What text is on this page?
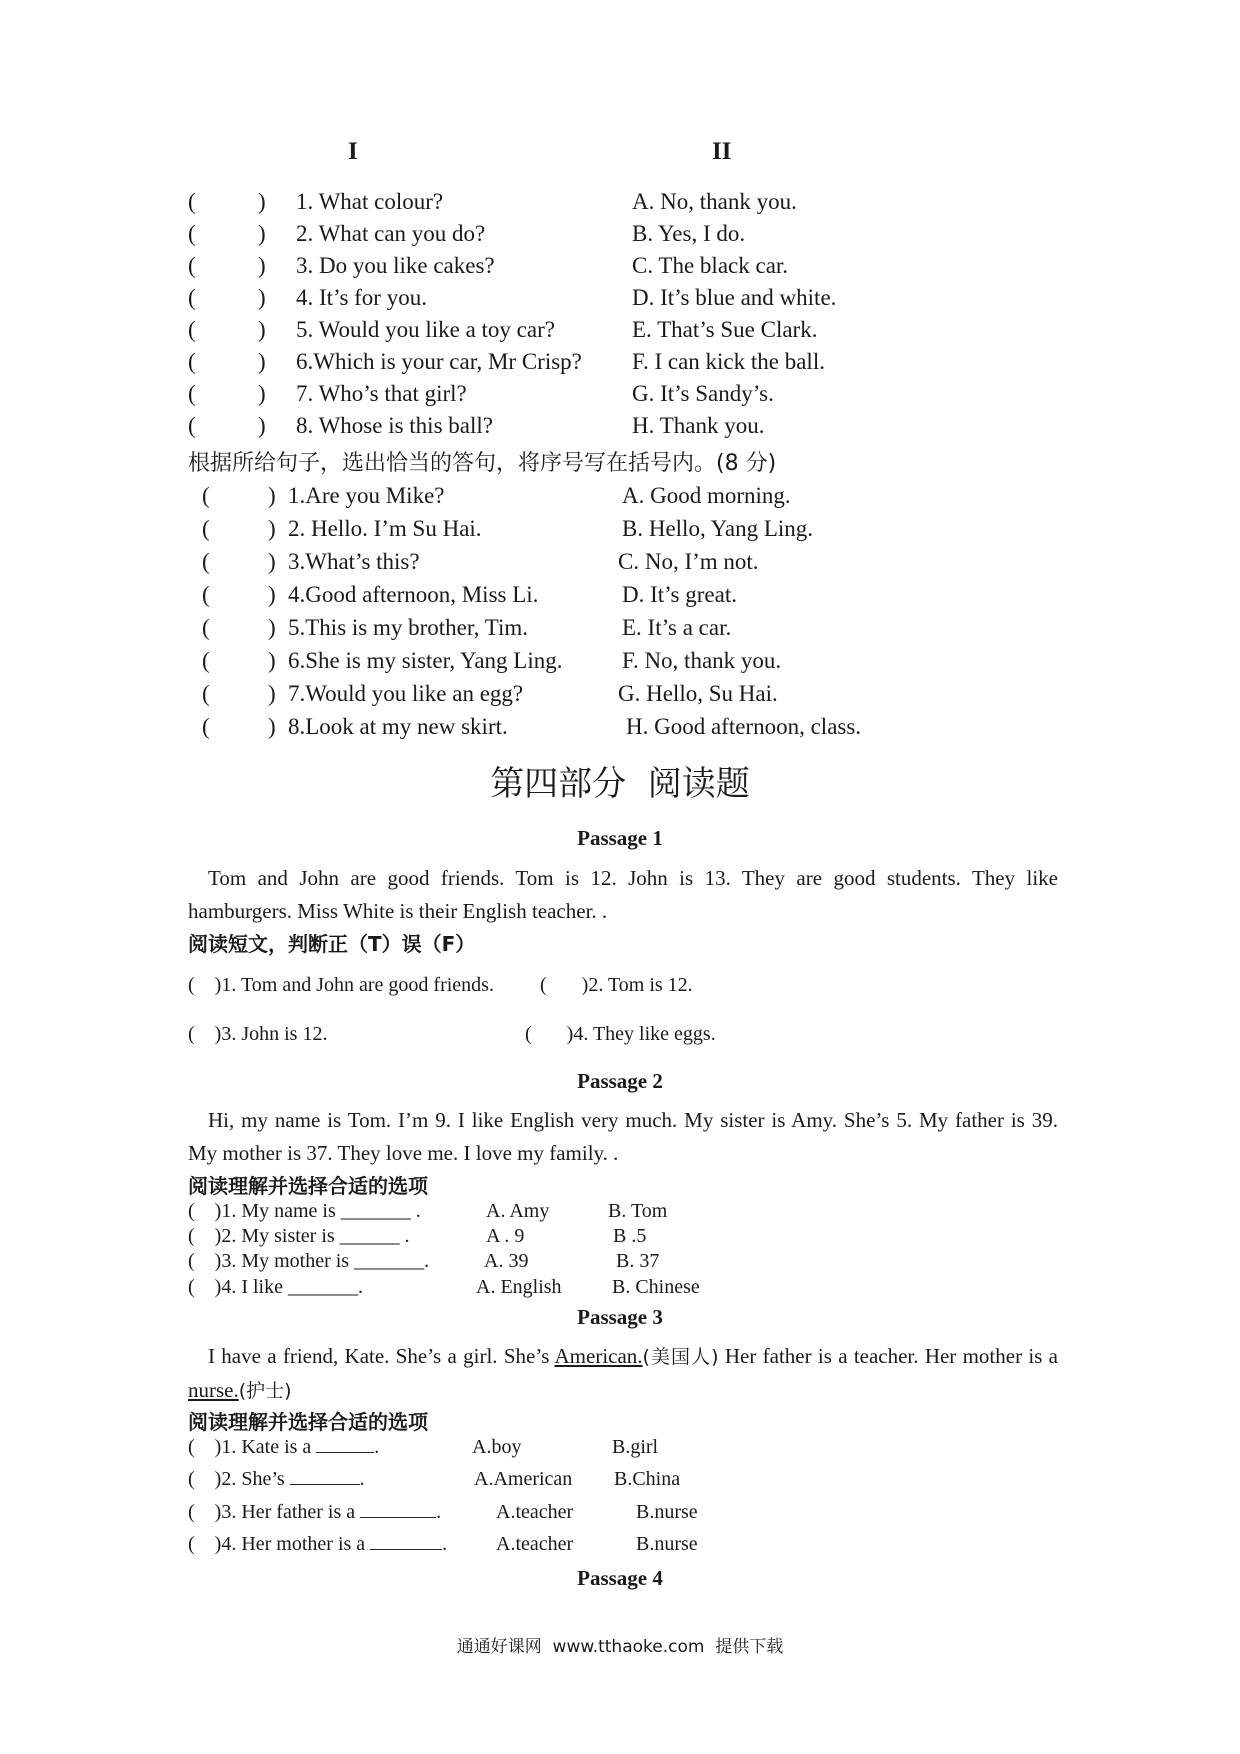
I	II
(	) 1. What colour?	A. No, thank you.
(	) 2. What can you do?	B. Yes, I do.
(	) 3. Do you like cakes?	C. The black car.
(	) 4. It’s for you.	D. It’s blue and white.
(	) 5. Would you like a toy car?	E. That’s Sue Clark.
(	) 6.Which is your car, Mr Crisp? F. I can kick the ball.
(	) 7. Who’s that girl?	G. It’s Sandy’s.
(	) 8. Whose is this ball?	H. Thank you.
根据所给句子，选出恰当的答句，将序号写在括号内。(8 分)
(	) 1.Are you Mike?	A. Good morning.
(	) 2. Hello. I’m Su Hai.	B. Hello, Yang Ling.
(	) 3.What’s this?	C. No, I’m not.
(	) 4.Good afternoon, Miss Li.	D. It’s great.
(	) 5.This is my brother, Tim.	E. It’s a car.
(	) 6.She is my sister, Yang Ling.	F. No, thank you.
(	) 7.Would you like an egg?	G. Hello, Su Hai.
(	) 8.Look at my new skirt.	H. Good afternoon, class.
第四部分  阅读题
Passage 1
Tom and John are good friends. Tom is 12. John is 13. They are good students. They like hamburgers. Miss White is their English teacher. .
阅读短文，判断正（T）误（F）
(    )1. Tom and John are good friends. (       )2. Tom is 12.
(    )3. John is 12.	(       )4. They like eggs.
Passage 2
Hi, my name is Tom. I’m 9. I like English very much. My sister is Amy. She’s 5. My father is 39. My mother is 37. They love me. I love my family. .
阅读理解并选择合适的选项
(    )1. My name is _______ .	A. Amy	B. Tom
(    )2. My sister is ______ .	A . 9	B .5
(    )3. My mother is _______.	A. 39	B. 37
(    )4. I like _______.	A. English	B. Chinese
Passage 3
I have a friend, Kate. She’s a girl. She’s American.(美国人) Her father is a teacher. Her mother is a nurse.(护士)
阅读理解并选择合适的选项
(    )1. Kate is a	.	A.boy	B.girl
(    )2. She’s	.	A.American B.China
(    )3. Her father is a	.	A.teacher	B.nurse
(    )4. Her mother is a	. A.teacher	B.nurse
Passage 4
通通好课网  www.tthaoke.com  提供下载
